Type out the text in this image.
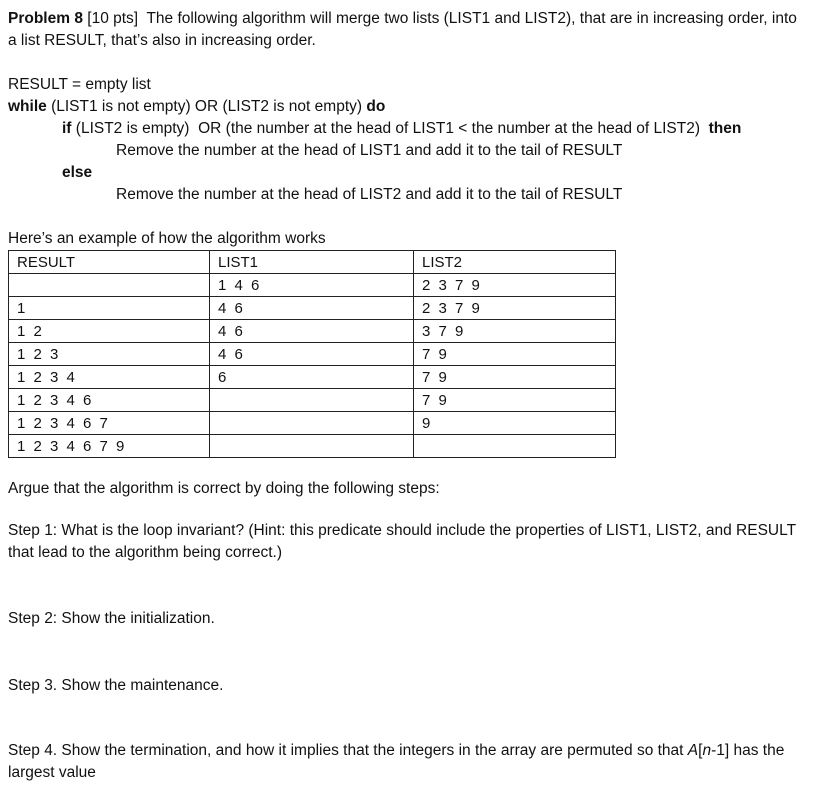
Problem 8 [10 pts] The following algorithm will merge two lists (LIST1 and LIST2), that are in increasing order, into a list RESULT, that’s also in increasing order.
RESULT = empty list
while (LIST1 is not empty) OR (LIST2 is not empty) do
if (LIST2 is empty) OR (the number at the head of LIST1 < the number at the head of LIST2) then
Remove the number at the head of LIST1 and add it to the tail of RESULT
else
Remove the number at the head of LIST2 and add it to the tail of RESULT
Here’s an example of how the algorithm works
RESULT	LIST1	LIST2
	1 4 6	2 3 7 9
1	4 6	2 3 7 9
1 2	4 6	3 7 9
1 2 3	4 6	7 9
1 2 3 4	6	7 9
1 2 3 4 6		7 9
1 2 3 4 6 7		9
1 2 3 4 6 7 9		
Argue that the algorithm is correct by doing the following steps:
Step 1: What is the loop invariant? (Hint: this predicate should include the properties of LIST1, LIST2, and RESULT that lead to the algorithm being correct.)
Step 2: Show the initialization.
Step 3. Show the maintenance.
Step 4. Show the termination, and how it implies that the integers in the array are permuted so that A[n-1] has the largest value
